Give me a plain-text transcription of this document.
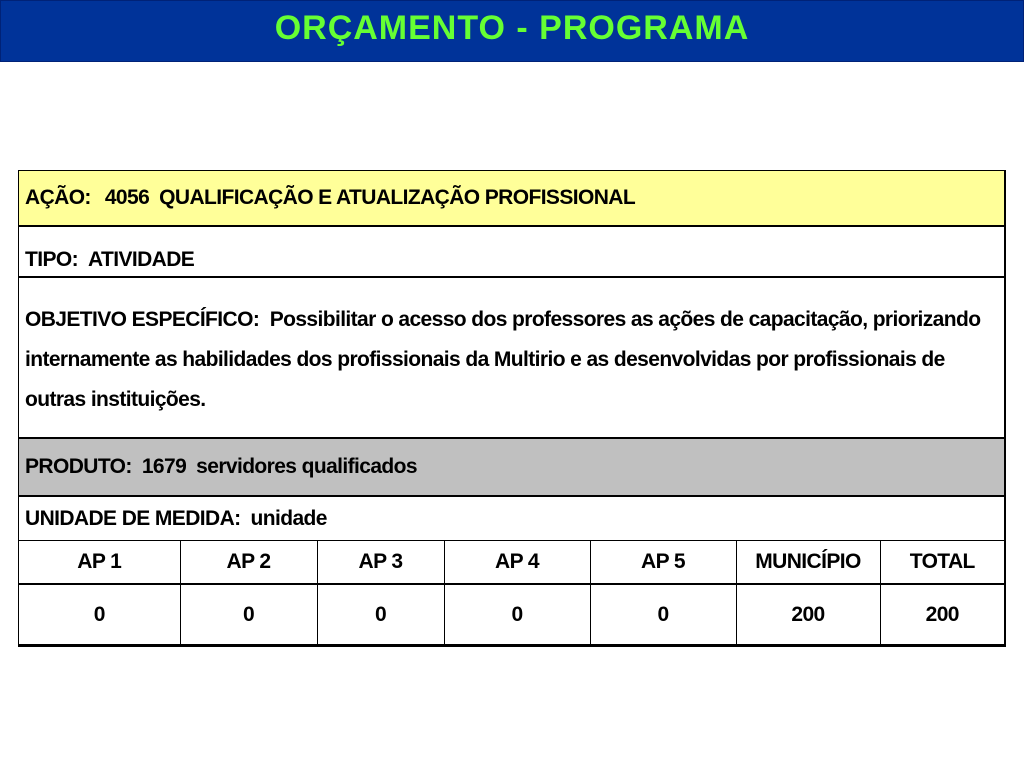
ORÇAMENTO - PROGRAMA
AÇÃO: 4056 QUALIFICAÇÃO E ATUALIZAÇÃO PROFISSIONAL
TIPO: ATIVIDADE
OBJETIVO ESPECÍFICO: Possibilitar o acesso dos professores as ações de capacitação, priorizando internamente as habilidades dos profissionais da Multirio e as desenvolvidas por profissionais de outras instituições.
PRODUTO: 1679 servidores qualificados
UNIDADE DE MEDIDA: unidade
AP 1	AP 2	AP 3	AP 4	AP 5	MUNICÍPIO	TOTAL
0	0	0	0	0	200	200
